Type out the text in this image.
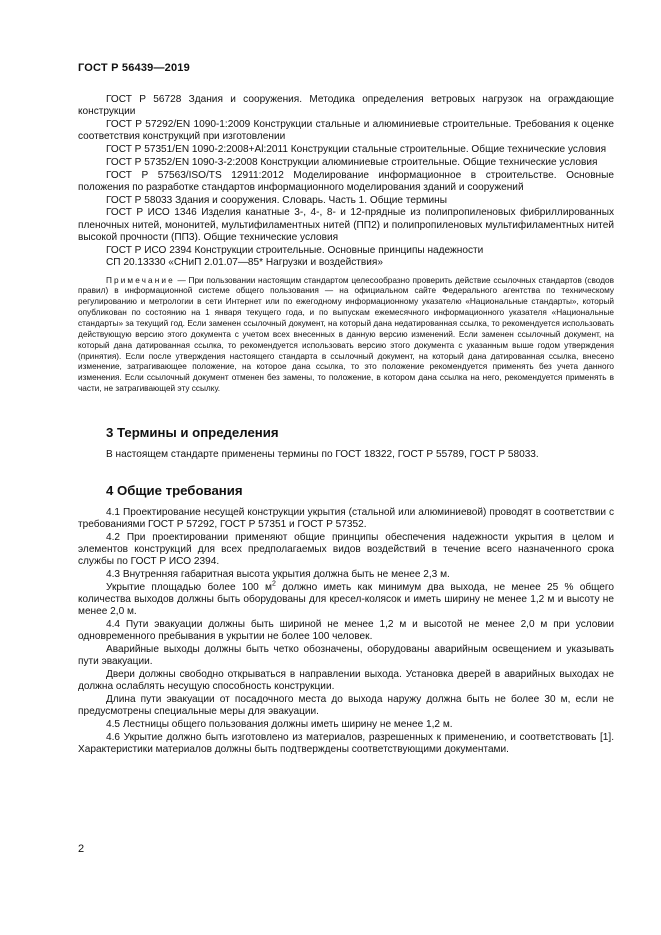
ГОСТ Р 56439—2019

ГОСТ Р 56728 Здания и сооружения. Методика определения ветровых нагрузок на ограждающие конструкции

ГОСТ Р 57292/EN 1090-1:2009 Конструкции стальные и алюминиевые строительные. Требования к оценке соответствия конструкций при изготовлении

ГОСТ Р 57351/EN 1090-2:2008+Al:2011 Конструкции стальные строительные. Общие технические условия

ГОСТ Р 57352/EN 1090-3-2:2008 Конструкции алюминиевые строительные. Общие технические условия

ГОСТ Р 57563/ISO/TS 12911:2012 Моделирование информационное в строительстве. Основные положения по разработке стандартов информационного моделирования зданий и сооружений

ГОСТ Р 58033 Здания и сооружения. Словарь. Часть 1. Общие термины

ГОСТ Р ИСО 1346 Изделия канатные 3-, 4-, 8- и 12-прядные из полипропиленовых фибриллированных пленочных нитей, мононитей, мультифиламентных нитей (ПП2) и полипропиленовых мультифиламентных нитей высокой прочности (ПП3). Общие технические условия

ГОСТ Р ИСО 2394 Конструкции строительные. Основные принципы надежности

СП 20.13330 «СНиП 2.01.07—85* Нагрузки и воздействия»

Примечание — При пользовании настоящим стандартом целесообразно проверить действие ссылочных стандартов (сводов правил) в информационной системе общего пользования — на официальном сайте Федерального агентства по техническому регулированию и метрологии в сети Интернет или по ежегодному информационному указателю «Национальные стандарты», который опубликован по состоянию на 1 января текущего года, и по выпускам ежемесячного информационного указателя «Национальные стандарты» за текущий год. Если заменен ссылочный документ, на который дана недатированная ссылка, то рекомендуется использовать действующую версию этого документа с учетом всех внесенных в данную версию изменений. Если заменен ссылочный документ, на который дана датированная ссылка, то рекомендуется использовать версию этого документа с указанным выше годом утверждения (принятия). Если после утверждения настоящего стандарта в ссылочный документ, на который дана датированная ссылка, внесено изменение, затрагивающее положение, на которое дана ссылка, то это положение рекомендуется применять без учета данного изменения. Если ссылочный документ отменен без замены, то положение, в котором дана ссылка на него, рекомендуется применять в части, не затрагивающей эту ссылку.

3 Термины и определения

В настоящем стандарте применены термины по ГОСТ 18322, ГОСТ Р 55789, ГОСТ Р 58033.

4 Общие требования

4.1 Проектирование несущей конструкции укрытия (стальной или алюминиевой) проводят в соответствии с требованиями ГОСТ Р 57292, ГОСТ Р 57351 и ГОСТ Р 57352.

4.2 При проектировании применяют общие принципы обеспечения надежности укрытия в целом и элементов конструкций для всех предполагаемых видов воздействий в течение всего назначенного срока службы по ГОСТ Р ИСО 2394.

4.3 Внутренняя габаритная высота укрытия должна быть не менее 2,3 м.

Укрытие площадью более 100 $м^2$ должно иметь как минимум два выхода, не менее 25 % общего количества выходов должны быть оборудованы для кресел-колясок и иметь ширину не менее 1,2 м и высоту не менее 2,0 м.

4.4 Пути эвакуации должны быть шириной не менее 1,2 м и высотой не менее 2,0 м при условии одновременного пребывания в укрытии не более 100 человек.

Аварийные выходы должны быть четко обозначены, оборудованы аварийным освещением и указывать пути эвакуации.

Двери должны свободно открываться в направлении выхода. Установка дверей в аварийных выходах не должна ослаблять несущую способность конструкции.

Длина пути эвакуации от посадочного места до выхода наружу должна быть не более 30 м, если не предусмотрены специальные меры для эвакуации.

4.5 Лестницы общего пользования должны иметь ширину не менее 1,2 м.

4.6 Укрытие должно быть изготовлено из материалов, разрешенных к применению, и соответствовать [1]. Характеристики материалов должны быть подтверждены соответствующими документами.

2
